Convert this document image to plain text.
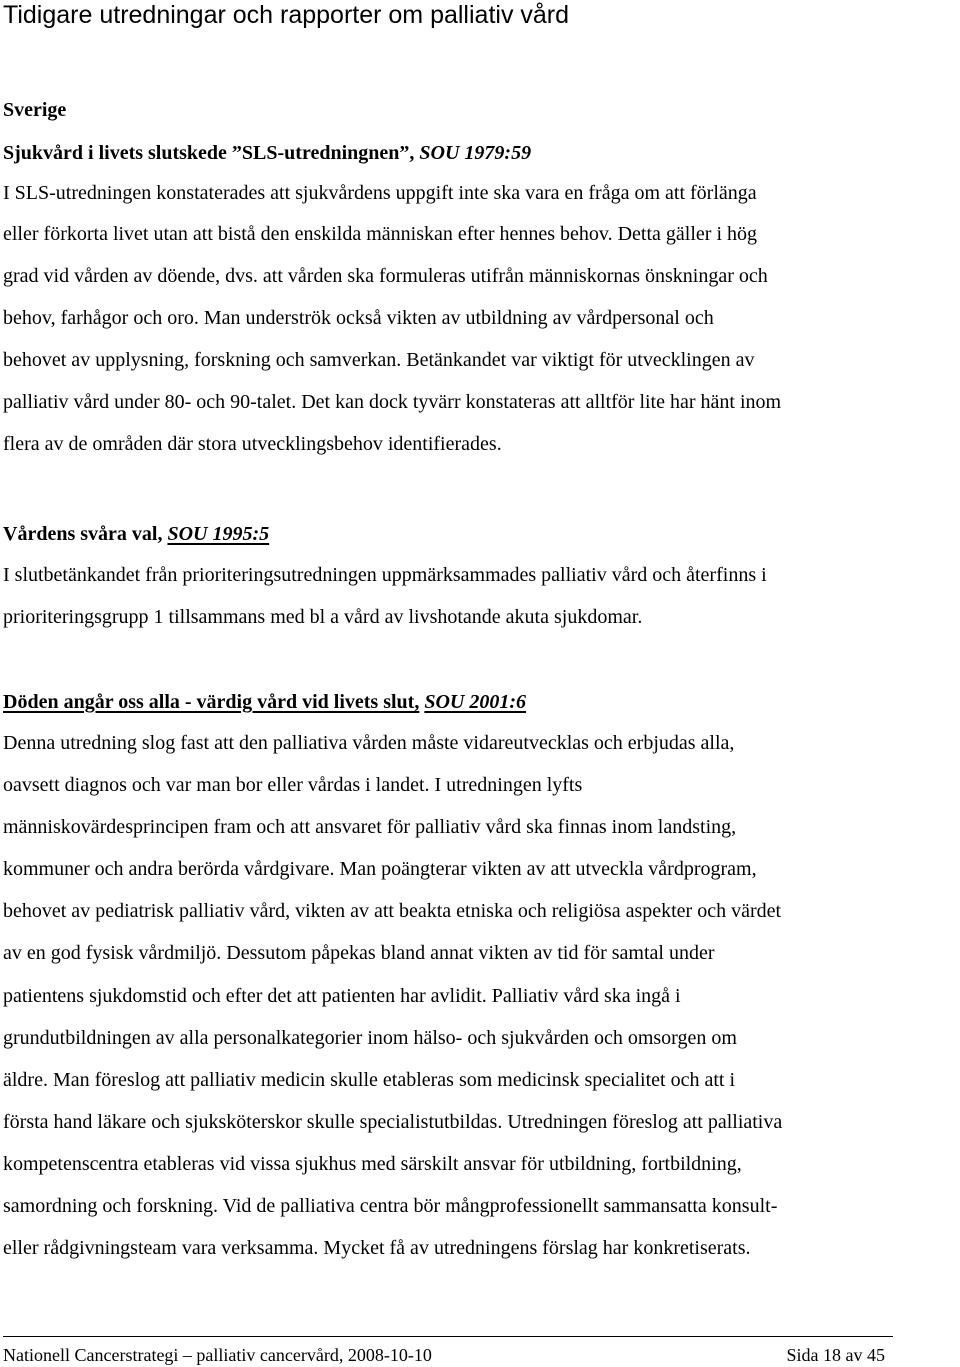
Tidigare utredningar och rapporter om palliativ vård
Sverige
Sjukvård i livets slutskede ”SLS-utredningnen”, SOU 1979:59
I SLS-utredningen konstaterades att sjukvårdens uppgift inte ska vara en fråga om att förlänga
eller förkorta livet utan att bistå den enskilda människan efter hennes behov. Detta gäller i hög
grad vid vården av döende, dvs. att vården ska formuleras utifrån människornas önskningar och
behov, farhågor och oro. Man underströk också vikten av utbildning av vårdpersonal och
behovet av upplysning, forskning och samverkan. Betänkandet var viktigt för utvecklingen av
palliativ vård under 80- och 90-talet. Det kan dock tyvärr konstateras att alltför lite har hänt inom
flera av de områden där stora utvecklingsbehov identifierades.
Vårdens svåra val, SOU 1995:5
I slutbetänkandet från prioriteringsutredningen uppmärksammades palliativ vård och återfinns i
prioriteringsgrupp 1 tillsammans med bl a vård av livshotande akuta sjukdomar.
Döden angår oss alla - värdig vård vid livets slut, SOU 2001:6
Denna utredning slog fast att den palliativa vården måste vidareutvecklas och erbjudas alla,
oavsett diagnos och var man bor eller vårdas i landet. I utredningen lyfts
människovärdesprincipen fram och att ansvaret för palliativ vård ska finnas inom landsting,
kommuner och andra berörda vårdgivare. Man poängterar vikten av att utveckla vårdprogram,
behovet av pediatrisk palliativ vård, vikten av att beakta etniska och religiösa aspekter och värdet
av en god fysisk vårdmiljö. Dessutom påpekas bland annat vikten av tid för samtal under
patientens sjukdomstid och efter det att patienten har avlidit. Palliativ vård ska ingå i
grundutbildningen av alla personalkategorier inom hälso- och sjukvården och omsorgen om
äldre. Man föreslog att palliativ medicin skulle etableras som medicinsk specialitet och att i
första hand läkare och sjuksköterskor skulle specialistutbildas. Utredningen föreslog att palliativa
kompetenscentra etableras vid vissa sjukhus med särskilt ansvar för utbildning, fortbildning,
samordning och forskning. Vid de palliativa centra bör mångprofessionellt sammansatta konsult-
eller rådgivningsteam vara verksamma. Mycket få av utredningens förslag har konkretiserats.
Nationell Cancerstrategi – palliativ cancervård, 2008-10-10	Sida 18 av 45
